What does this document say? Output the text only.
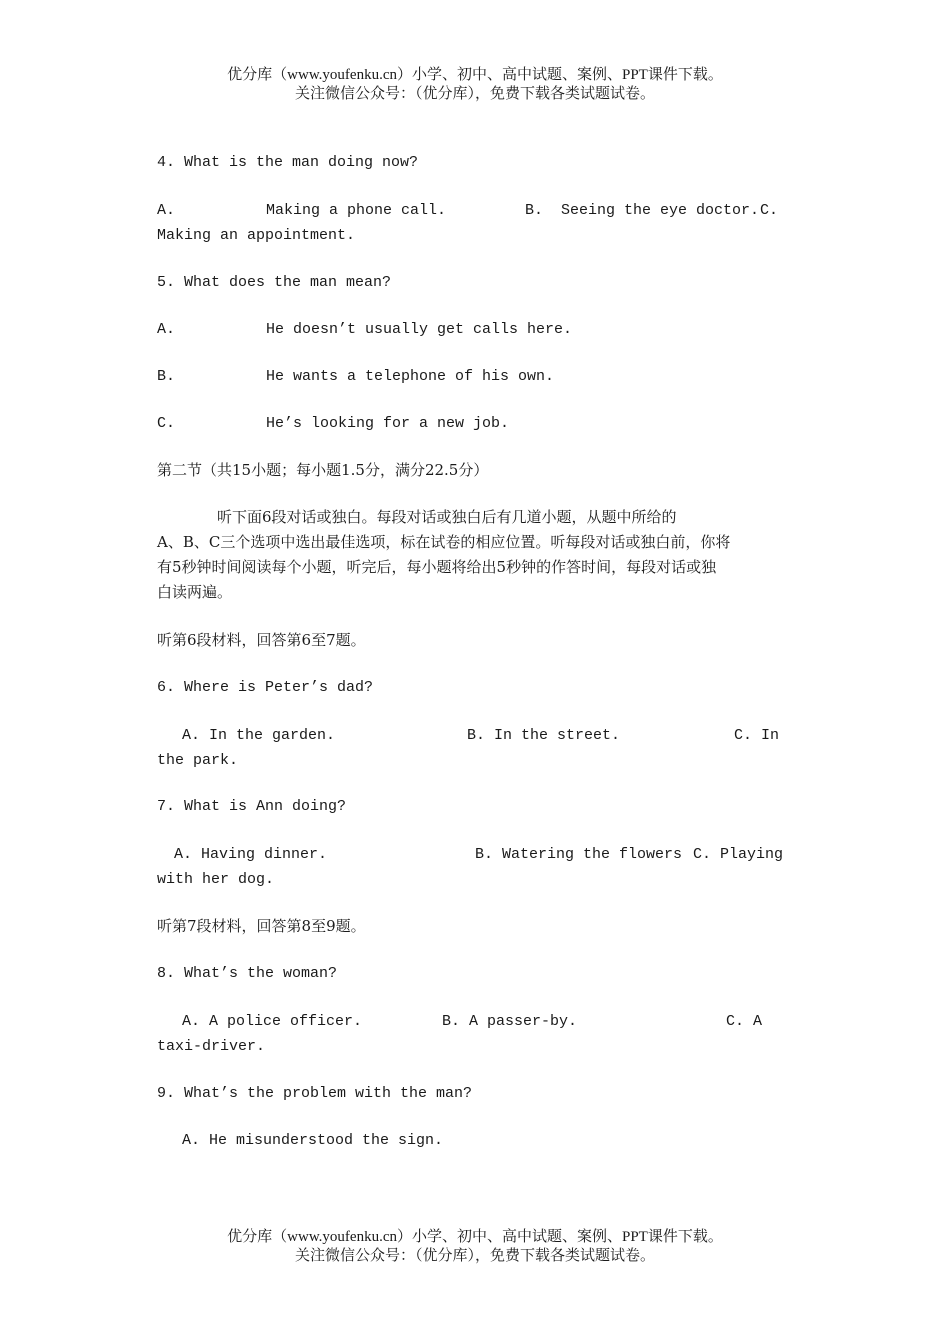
优分库（www.youfenku.cn）小学、初中、高中试题、案例、PPT课件下载。
关注微信公众号：（优分库），免费下载各类试题试卷。
4. What is the man doing now?
A.	Making a phone call.	B.  Seeing the eye doctor. C.
Making an appointment.
5. What does the man mean?
A.	He doesn’t usually get calls here.
B.	He wants a telephone of his own.
C.	He’s looking for a new job.
第二节（共15小题；每小题1.5分，满分22.5分）
听下面6段对话或独白。每段对话或独白后有几道小题，从题中所给的
A、B、C三个选项中选出最佳选项，标在试卷的相应位置。听每段对话或独白前，你将
有5秒钟时间阅读每个小题，听完后，每小题将给出5秒钟的作答时间，每段对话或独
白读两遍。
听第6段材料，回答第6至7题。
6. Where is Peter’s dad?
A. In the garden.	B. In the street.	C. In
the park.
7. What is Ann doing?
A. Having dinner.	B. Watering the flowers C. Playing
with her dog.
听第7段材料，回答第8至9题。
8. What’s the woman?
A. A police officer.	B. A passer-by.	C. A
taxi-driver.
9. What’s the problem with the man?
A. He misunderstood the sign.
优分库（www.youfenku.cn）小学、初中、高中试题、案例、PPT课件下载。
关注微信公众号：（优分库），免费下载各类试题试卷。
